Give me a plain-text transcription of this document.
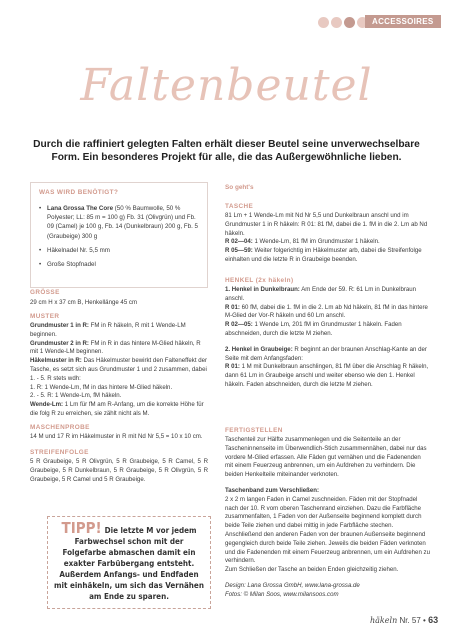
ACCESSOIRES
Faltenbeutel
Durch die raffiniert gelegten Falten erhält dieser Beutel seine unverwechselbare Form. Ein besonderes Projekt für alle, die das Außergewöhnliche lieben.
WAS WIRD BENÖTIGT?
• Lana Grossa The Core (50 % Baumwolle, 50 % Polyester; LL: 85 m = 100 g) Fb. 31 (Olivgrün) und Fb. 09 (Camel) je 100 g, Fb. 14 (Dunkelbraun) 200 g, Fb. 5 (Graubeige) 300 g
• Häkelnadel Nr. 5,5 mm
• Große Stopfnadel
GRÖSSE
29 cm H x 37 cm B, Henkellänge 45 cm
MUSTER
Grundmuster 1 in R: FM in R häkeln, R mit 1 Wende-LM beginnen.
Grundmuster 2 in R: FM in R in das hintere M-Glied häkeln, R mit 1 Wende-LM beginnen.
Häkelmuster in R: Das Häkelmuster bewirkt den Falteneffekt der Tasche, es setzt sich aus Grundmuster 1 und 2 zusammen, dabei 1. - 5. R stets wdh:
1. R: 1 Wende-Lm, fM in das hintere M-Glied häkeln.
2. - 5. R: 1 Wende-Lm, fM häkeln.
Wende-Lm: 1 Lm für fM am R-Anfang, um die korrekte Höhe für die folg R zu erreichen, sie zählt nicht als M.
MASCHENPROBE
14 M und 17 R im Häkelmuster in R mit Nd Nr 5,5 = 10 x 10 cm.
STREIFENFOLGE
5 R Graubeige, 5 R Olivgrün, 5 R Graubeige, 5 R Camel, 5 R Graubeige, 5 R Dunkelbraun, 5 R Graubeige, 5 R Olivgrün, 5 R Graubeige, 5 R Camel und 5 R Graubeige.
TIPP! Die letzte M vor jedem Farbwechsel schon mit der Folgefarbe abmaschen damit ein exakter Farbübergang entsteht. Außerdem Anfangs- und Endfaden mit einhäkeln, um sich das Vernähen am Ende zu sparen.
So geht's
TASCHE
81 Lm + 1 Wende-Lm mit Nd Nr 5,5 und Dunkelbraun anschl und im Grundmuster 1 in R häkeln: R 01: 81 fM, dabei die 1. fM in die 2. Lm ab Nd häkeln.
R 02—04: 1 Wende-Lm, 81 fM im Grundmuster 1 häkeln.
R 05—59: Weiter folgerichtig im Häkelmuster arb, dabei die Streifenfolge einhalten und die letzte R in Graubeige beenden.
HENKEL (2x häkeln)
1. Henkel in Dunkelbraun: Am Ende der 59. R: 61 Lm in Dunkelbraun anschl.
R 01: 60 fM, dabei die 1. fM in die 2. Lm ab Nd häkeln, 81 fM in das hintere M-Glied der Vor-R häkeln und 60 Lm anschl.
R 02—05: 1 Wende Lm, 201 fM im Grundmuster 1 häkeln. Faden abschneiden, durch die letzte M ziehen.
2. Henkel in Graubeige: R beginnt an der braunen Anschlag-Kante an der Seite mit dem Anfangsfaden:
R 01: 1 M mit Dunkelbraun anschlingen, 81 fM über die Anschlag R häkeln, dann 61 Lm in Graubeige anschl und weiter ebenso wie den 1. Henkel häkeln. Faden abschneiden, durch die letzte M ziehen.
FERTIGSTELLEN
Taschenteil zur Hälfte zusammenlegen und die Seitenteile an der Tascheninnenseite im Überwendlich-Stich zusammennähen, dabei nur das vordere M-Glied erfassen. Alle Fäden gut vernähen und die Fadenenden mit einem Feuerzeug anbrennen, um ein Aufdrehen zu verhindern. Die beiden Henkelteile miteinander verknoten.
Taschenband zum Verschließen:
2 x 2 m langen Faden in Camel zuschneiden. Fäden mit der Stopfnadel nach der 10. R vom oberen Taschenrand einziehen. Dazu die Farbfläche zusammenfalten, 1 Faden von der Außenseite beginnend komplett durch beide Teile ziehen und dabei mittig in jede Farbfläche stechen. Anschließend den anderen Faden von der braunen Außenseite beginnend gegengleich durch beide Teile ziehen. Jeweils die beiden Fäden verknoten und die Fadenenden mit einem Feuerzeug anbrennen, um ein Aufdrehen zu verhindern.
Zum Schließen der Tasche an beiden Enden gleichzeitig ziehen.
Design: Lana Grossa GmbH, www.lana-grossa.de
Fotos: © Milan Soos, www.milansoos.com
häkeln Nr. 57 • 63
